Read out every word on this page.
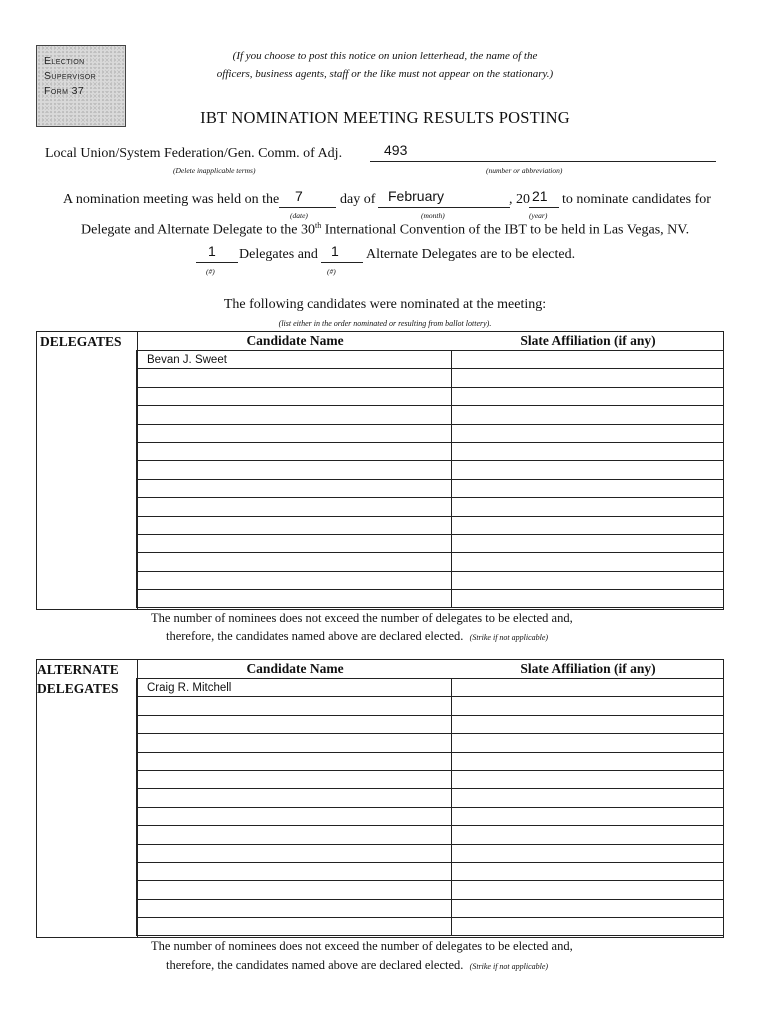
Election
Supervisor
Form 37
(If you choose to post this notice on union letterhead, the name of the
officers, business agents, staff or the like must not appear on the stationary.)
IBT NOMINATION MEETING RESULTS POSTING
Local Union/System Federation/Gen. Comm. of Adj.	493
(Delete inapplicable terms)	(number or abbreviation)
A nomination meeting was held on the 7	day of February	, 20 21 to nominate candidates for
(date)	(month)	(year)
Delegate and Alternate Delegate to the 30th International Convention of the IBT to be held in Las Vegas, NV.
1 Delegates and 1 Alternate Delegates are to be elected.
(#)	(#)
The following candidates were nominated at the meeting:
(list either in the order nominated or resulting from ballot lottery).
DELEGATES	Candidate Name	Slate Affiliation (if any)
Bevan J. Sweet	

The number of nominees does not exceed the number of delegates to be elected and,
therefore, the candidates named above are declared elected. (Strike if not applicable)
ALTERNATE
DELEGATES
Candidate Name	Slate Affiliation (if any)
Craig R. Mitchell	

The number of nominees does not exceed the number of delegates to be elected and,
therefore, the candidates named above are declared elected. (Strike if not applicable)
